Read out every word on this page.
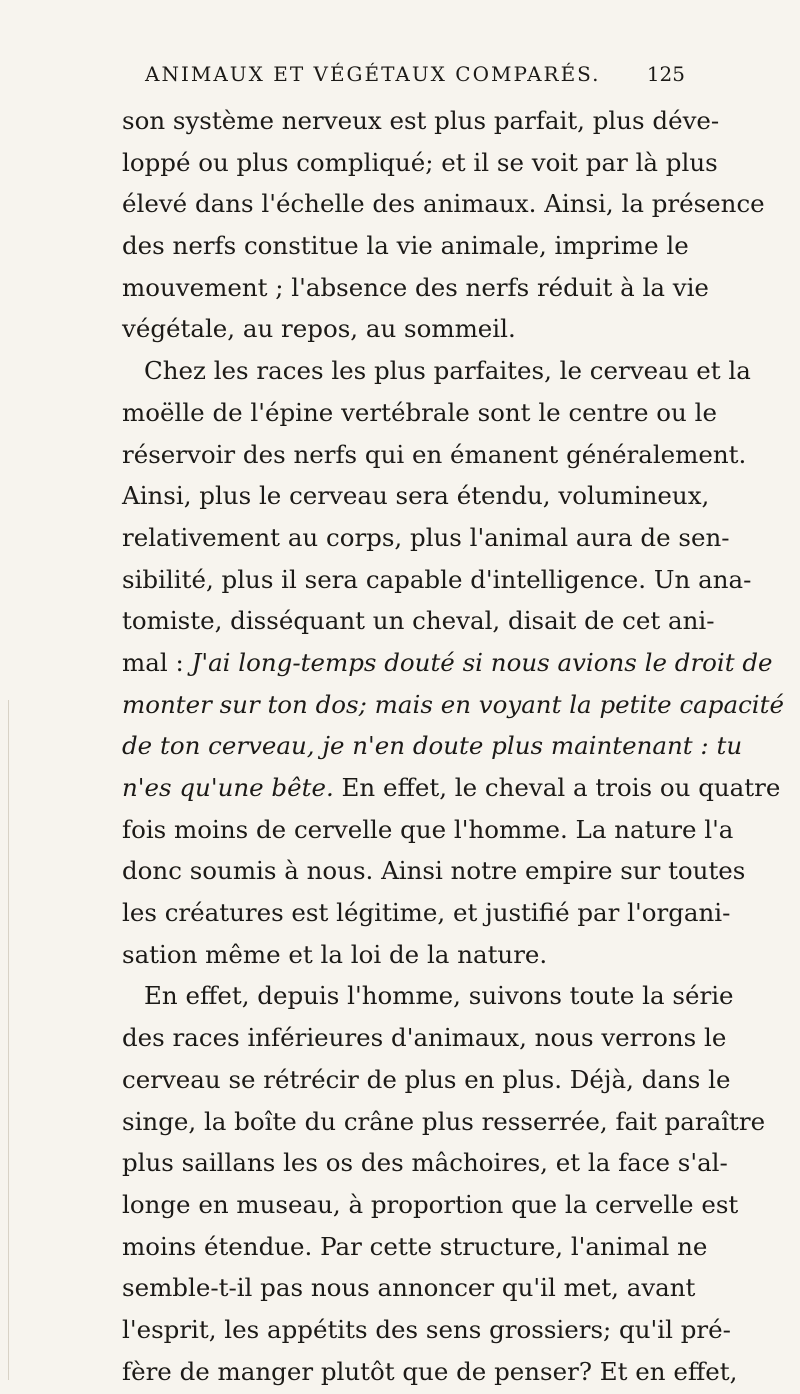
ANIMAUX ET VÉGÉTAUX COMPARÉS. 125
son système nerveux est plus parfait, plus déve-
loppé ou plus compliqué; et il se voit par là plus
élevé dans l'échelle des animaux. Ainsi, la présence
des nerfs constitue la vie animale, imprime le
mouvement ; l'absence des nerfs réduit à la vie
végétale, au repos, au sommeil.
Chez les races les plus parfaites, le cerveau et la
moëlle de l'épine vertébrale sont le centre ou le
réservoir des nerfs qui en émanent généralement.
Ainsi, plus le cerveau sera étendu, volumineux,
relativement au corps, plus l'animal aura de sen-
sibilité, plus il sera capable d'intelligence. Un ana-
tomiste, disséquant un cheval, disait de cet ani-
mal : J'ai long-temps douté si nous avions le droit de
monter sur ton dos; mais en voyant la petite capacité
de ton cerveau, je n'en doute plus maintenant : tu
n'es qu'une bête. En effet, le cheval a trois ou quatre
fois moins de cervelle que l'homme. La nature l'a
donc soumis à nous. Ainsi notre empire sur toutes
les créatures est légitime, et justifié par l'organi-
sation même et la loi de la nature.
En effet, depuis l'homme, suivons toute la série
des races inférieures d'animaux, nous verrons le
cerveau se rétrécir de plus en plus. Déjà, dans le
singe, la boîte du crâne plus resserrée, fait paraître
plus saillans les os des mâchoires, et la face s'al-
longe en museau, à proportion que la cervelle est
moins étendue. Par cette structure, l'animal ne
semble-t-il pas nous annoncer qu'il met, avant
l'esprit, les appétits des sens grossiers; qu'il pré-
fère de manger plutôt que de penser? Et en effet,
